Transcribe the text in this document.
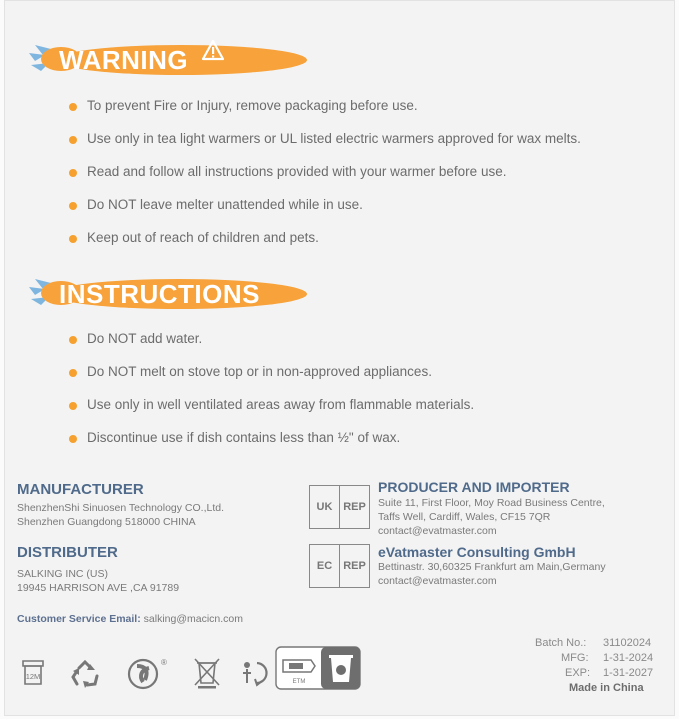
WARNING
To prevent Fire or Injury, remove packaging before use.
Use only in tea light warmers or UL listed electric warmers approved for wax melts.
Read and follow all instructions provided with your warmer before use.
Do NOT leave melter unattended while in use.
Keep out of reach of children and pets.
INSTRUCTIONS
Do NOT add water.
Do NOT melt on stove top or in non-approved appliances.
Use only in well ventilated areas away from flammable materials.
Discontinue use if dish contains less than ½" of wax.
MANUFACTURER
ShenzhenShi Sinuosen Technology CO.,Ltd.
Shenzhen Guangdong 518000 CHINA
DISTRIBUTER
SALKING INC (US)
19945 HARRISON AVE ,CA 91789
Customer Service Email: salking@macicn.com
UK REP
PRODUCER AND IMPORTER
Suite 11, First Floor, Moy Road Business Centre,
Taffs Well, Cardiff, Wales, CF15 7QR
contact@evatmaster.com
EC	REP
eVatmaster Consulting GmbH
Bettinastr. 30,60325 Frankfurt am Main,Germany
contact@evatmaster.com
Batch No.: 31102024
MFG: 1-31-2024
EXP: 1-31-2027
Made in China
12M
®
ETM
